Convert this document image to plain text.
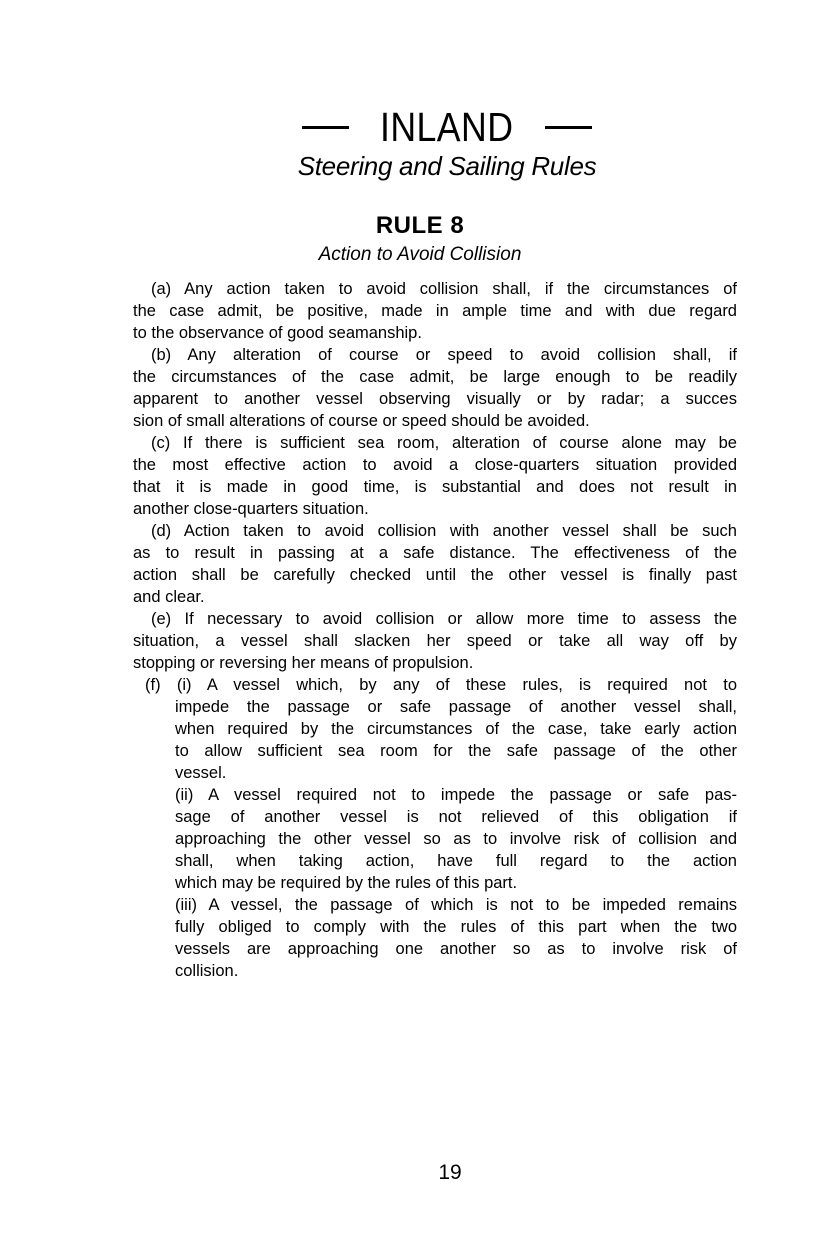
INLAND
Steering and Sailing Rules
RULE 8
Action to Avoid Collision
(a) Any action taken to avoid collision shall, if the circumstances of
the case admit, be positive, made in ample time and with due regard
to the observance of good seamanship.
(b) Any alteration of course or speed to avoid collision shall, if
the circumstances of the case admit, be large enough to be readily
apparent to another vessel observing visually or by radar; a succes
sion of small alterations of course or speed should be avoided.
(c) If there is sufficient sea room, alteration of course alone may be
the most effective action to avoid a close-quarters situation provided
that it is made in good time, is substantial and does not result in
another close-quarters situation.
(d) Action taken to avoid collision with another vessel shall be such
as to result in passing at a safe distance. The effectiveness of the
action shall be carefully checked until the other vessel is finally past
and clear.
(e) If necessary to avoid collision or allow more time to assess the
situation, a vessel shall slacken her speed or take all way off by
stopping or reversing her means of propulsion.
(f) (i) A vessel which, by any of these rules, is required not to
impede the passage or safe passage of another vessel shall,
when required by the circumstances of the case, take early action
to allow sufficient sea room for the safe passage of the other
vessel.
(ii) A vessel required not to impede the passage or safe pas-
sage of another vessel is not relieved of this obligation if
approaching the other vessel so as to involve risk of collision and
shall, when taking action, have full regard to the action
which may be required by the rules of this part.
(iii) A vessel, the passage of which is not to be impeded remains
fully obliged to comply with the rules of this part when the two
vessels are approaching one another so as to involve risk of
collision.
19
